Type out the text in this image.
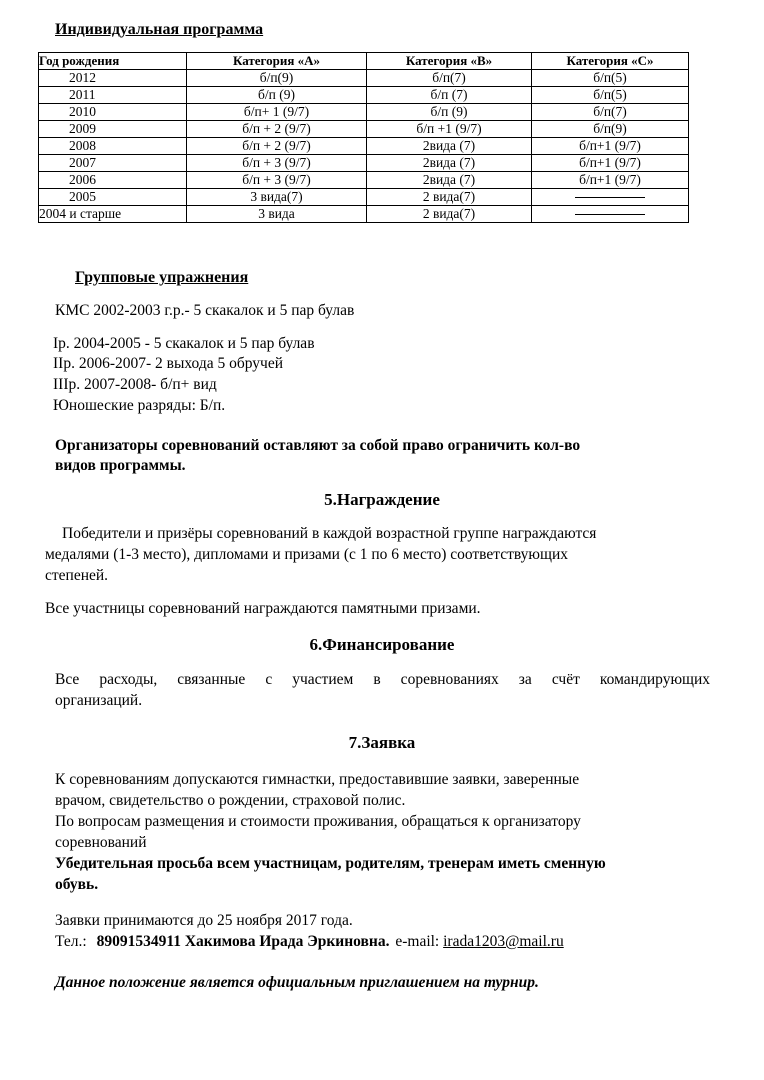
Индивидуальная программа
Год рождения	Категория «А»	Категория «В»	Категория «С»
2012	б/п(9)	б/п(7)	б/п(5)
2011	б/п (9)	б/п (7)	б/п(5)
2010	б/п+ 1 (9/7)	б/п (9)	б/п(7)
2009	б/п + 2 (9/7)	б/п +1 (9/7)	б/п(9)
2008	б/п + 2 (9/7)	2вида (7)	б/п+1 (9/7)
2007	б/п + 3 (9/7)	2вида (7)	б/п+1 (9/7)
2006	б/п + 3 (9/7)	2вида (7)	б/п+1 (9/7)
2005	3 вида(7)	2 вида(7)	
2004 и старше	3 вида	2 вида(7)	
Групповые упражнения
КМС 2002-2003 г.р.- 5 скакалок и 5 пар булав
Iр. 2004-2005 - 5 скакалок и 5 пар булав
IIр. 2006-2007- 2 выхода 5 обручей
IIIр. 2007-2008- б/п+ вид
Юношеские разряды: Б/п.
Организаторы соревнований оставляют за собой право ограничить кол-во
видов программы.
5.Награждение
Победители и призёры соревнований в каждой возрастной группе награждаются
медалями (1-3 место), дипломами и призами (с 1 по 6 место) соответствующих
степеней.
Все участницы соревнований награждаются памятными призами.
6.Финансирование
Все расходы, связанные с участием в соревнованиях за счёт командирующих
организаций.
7.Заявка
К соревнованиям допускаются гимнастки, предоставившие заявки, заверенные
врачом, свидетельство о рождении, страховой полис.
По вопросам размещения и стоимости проживания, обращаться к организатору
соревнований
Убедительная просьба всем участницам, родителям, тренерам иметь сменную
обувь.
Заявки принимаются до 25 ноября 2017 года.
Тел.: 89091534911 Хакимова Ирада Эркиновна. e-mail: irada1203@mail.ru
Данное положение является официальным приглашением на турнир.
